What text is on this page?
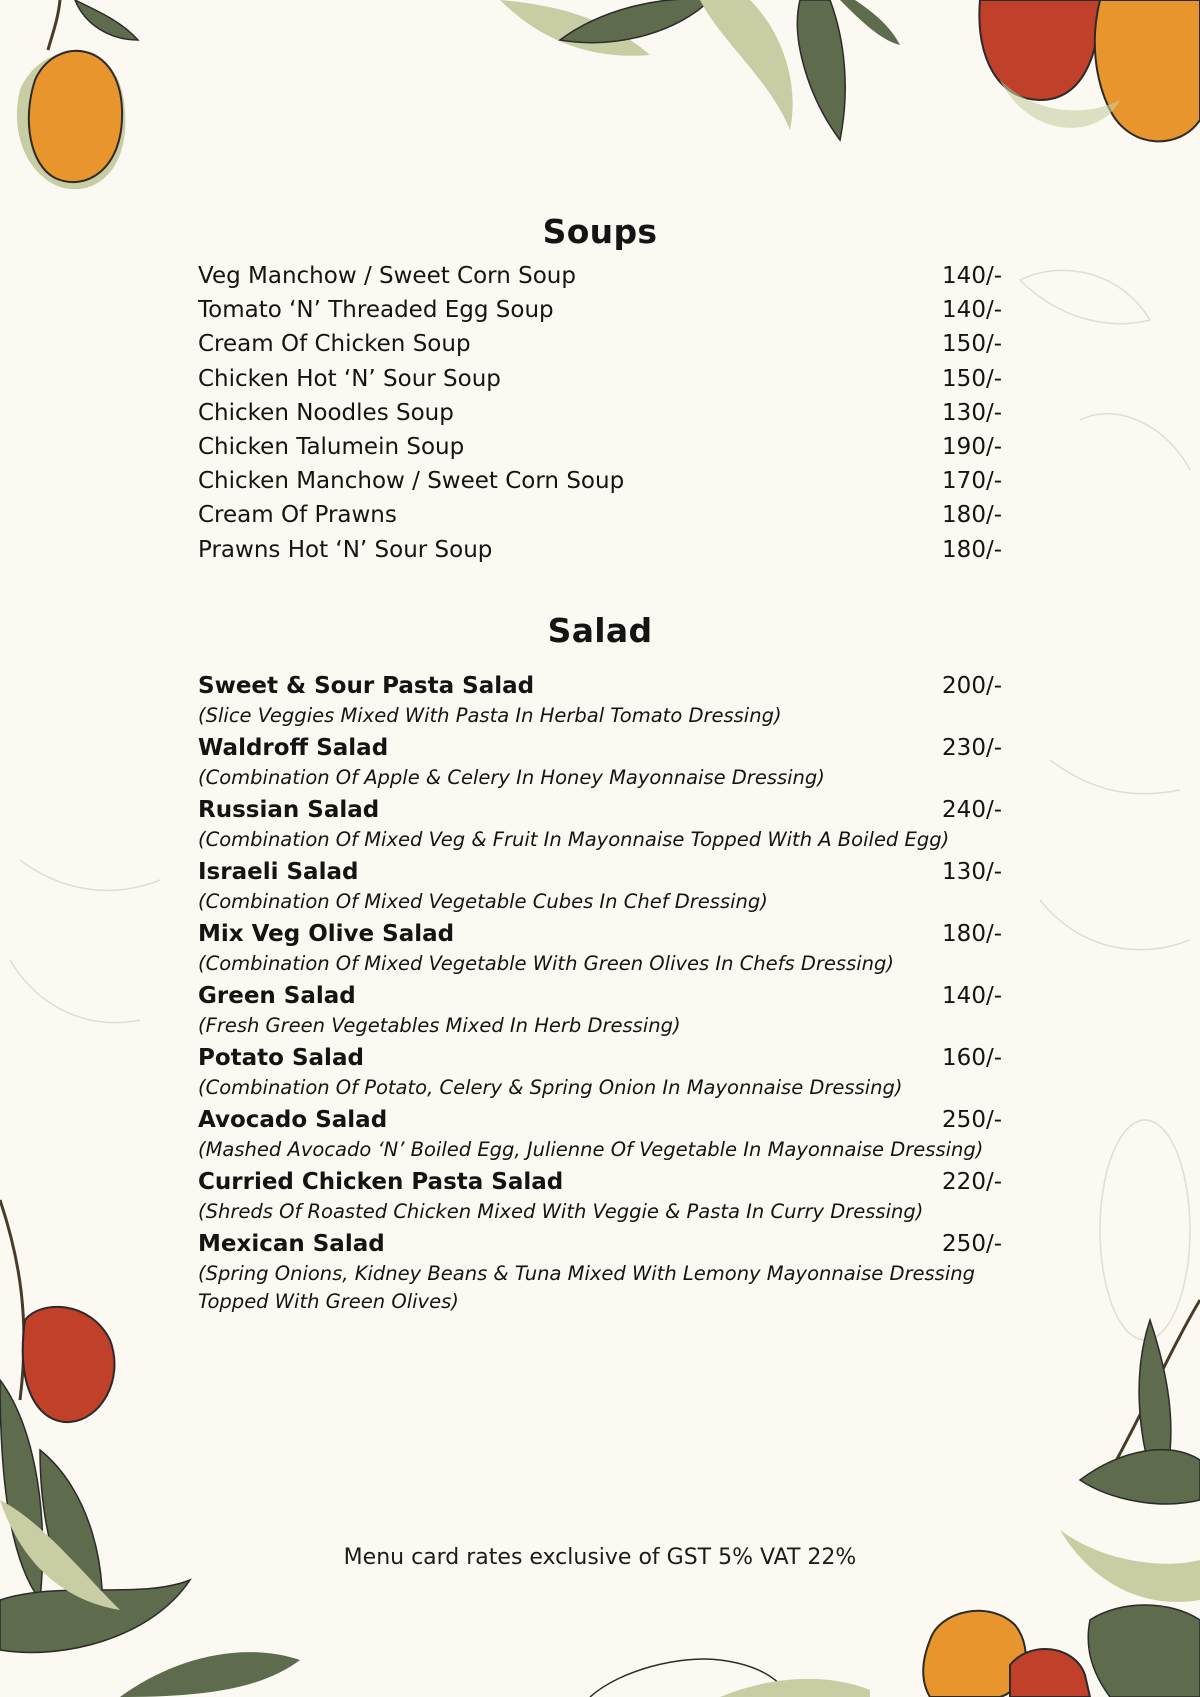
Soups
Veg Manchow / Sweet Corn Soup	140/-
Tomato ‘N’ Threaded Egg Soup	140/-
Cream Of Chicken Soup	150/-
Chicken Hot ‘N’ Sour Soup	150/-
Chicken Noodles Soup	130/-
Chicken Talumein Soup	190/-
Chicken Manchow / Sweet Corn Soup	170/-
Cream Of Prawns	180/-
Prawns Hot ‘N’ Sour Soup	180/-
Salad
Sweet & Sour Pasta Salad	200/-
(Slice Veggies Mixed With Pasta In Herbal Tomato Dressing)
Waldroff Salad	230/-
(Combination Of Apple & Celery In Honey Mayonnaise Dressing)
Russian Salad	240/-
(Combination Of Mixed Veg & Fruit In Mayonnaise Topped With A Boiled Egg)
Israeli Salad	130/-
(Combination Of Mixed Vegetable Cubes In Chef Dressing)
Mix Veg Olive Salad	180/-
(Combination Of Mixed Vegetable With Green Olives In Chefs Dressing)
Green Salad	140/-
(Fresh Green Vegetables Mixed In Herb Dressing)
Potato Salad	160/-
(Combination Of Potato, Celery & Spring Onion In Mayonnaise Dressing)
Avocado Salad	250/-
(Mashed Avocado ‘N’ Boiled Egg, Julienne Of Vegetable In Mayonnaise Dressing)
Curried Chicken Pasta Salad	220/-
(Shreds Of Roasted Chicken Mixed With Veggie & Pasta In Curry Dressing)
Mexican Salad	250/-
(Spring Onions, Kidney Beans & Tuna Mixed With Lemony Mayonnaise Dressing Topped With Green Olives)
Menu card rates exclusive of GST 5% VAT 22%
